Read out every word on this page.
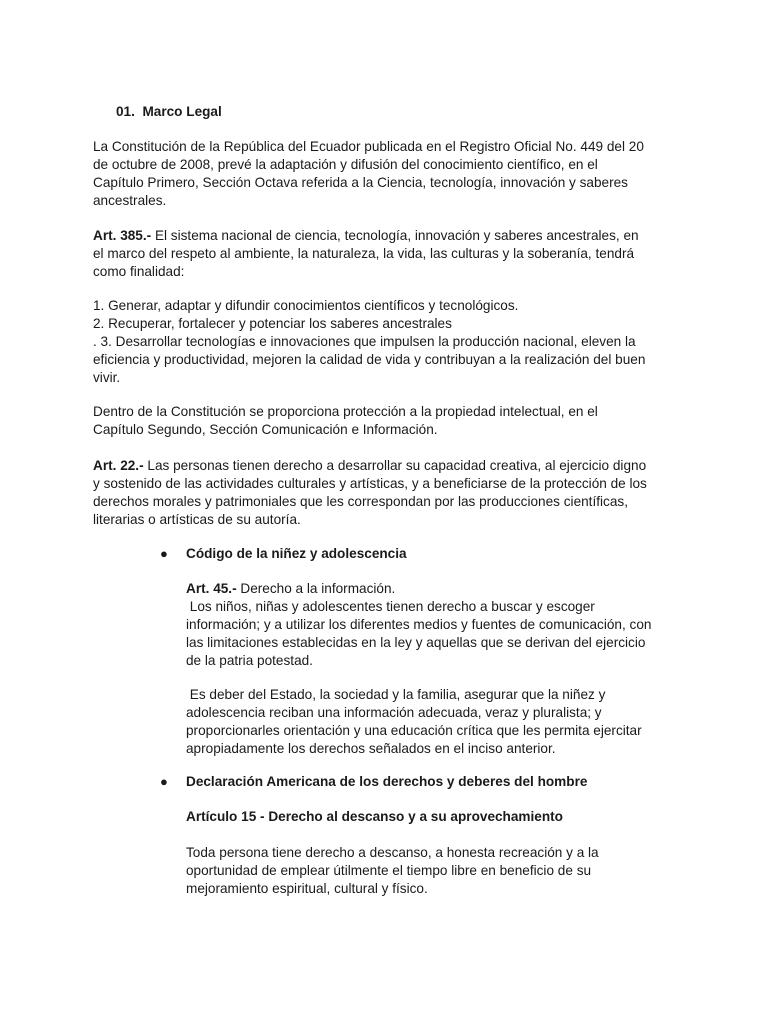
01.  Marco Legal
La Constitución de la República del Ecuador publicada en el Registro Oficial No. 449 del 20
de octubre de 2008, prevé la adaptación y difusión del conocimiento científico, en el
Capítulo Primero, Sección Octava referida a la Ciencia, tecnología, innovación y saberes
ancestrales.
Art. 385.- El sistema nacional de ciencia, tecnología, innovación y saberes ancestrales, en
el marco del respeto al ambiente, la naturaleza, la vida, las culturas y la soberanía, tendrá
como finalidad:
1. Generar, adaptar y difundir conocimientos científicos y tecnológicos.
2. Recuperar, fortalecer y potenciar los saberes ancestrales
. 3. Desarrollar tecnologías e innovaciones que impulsen la producción nacional, eleven la
eficiencia y productividad, mejoren la calidad de vida y contribuyan a la realización del buen
vivir.
Dentro de la Constitución se proporciona protección a la propiedad intelectual, en el
Capítulo Segundo, Sección Comunicación e Información.
Art. 22.- Las personas tienen derecho a desarrollar su capacidad creativa, al ejercicio digno
y sostenido de las actividades culturales y artísticas, y a beneficiarse de la protección de los
derechos morales y patrimoniales que les correspondan por las producciones científicas,
literarias o artísticas de su autoría.
●	Código de la niñez y adolescencia
Art. 45.- Derecho a la información.
Los niños, niñas y adolescentes tienen derecho a buscar y escoger
información; y a utilizar los diferentes medios y fuentes de comunicación, con
las limitaciones establecidas en la ley y aquellas que se derivan del ejercicio
de la patria potestad.
Es deber del Estado, la sociedad y la familia, asegurar que la niñez y
adolescencia reciban una información adecuada, veraz y pluralista; y
proporcionarles orientación y una educación crítica que les permita ejercitar
apropiadamente los derechos señalados en el inciso anterior.
●	Declaración Americana de los derechos y deberes del hombre
Artículo 15 - Derecho al descanso y a su aprovechamiento
Toda persona tiene derecho a descanso, a honesta recreación y a la
oportunidad de emplear útilmente el tiempo libre en beneficio de su
mejoramiento espiritual, cultural y físico.
